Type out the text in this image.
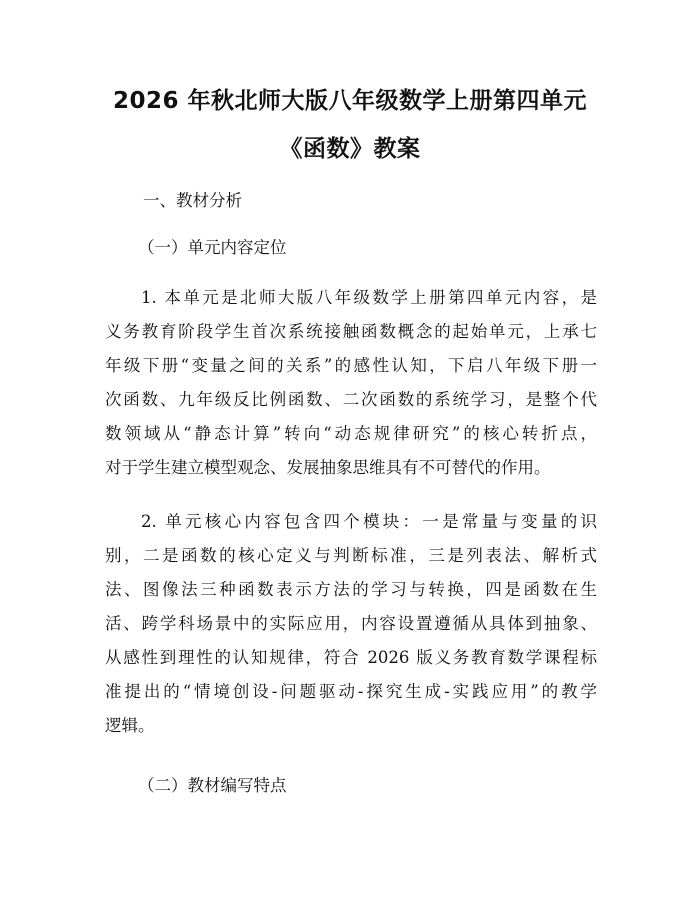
2026 年秋北师大版八年级数学上册第四单元
《函数》教案
一、教材分析
（一）单元内容定位
1. 本单元是北师大版八年级数学上册第四单元内容，是
义务教育阶段学生首次系统接触函数概念的起始单元，上承七
年级下册“变量之间的关系”的感性认知，下启八年级下册一
次函数、九年级反比例函数、二次函数的系统学习，是整个代
数领域从“静态计算”转向“动态规律研究”的核心转折点，
对于学生建立模型观念、发展抽象思维具有不可替代的作用。
2. 单元核心内容包含四个模块：一是常量与变量的识
别，二是函数的核心定义与判断标准，三是列表法、解析式
法、图像法三种函数表示方法的学习与转换，四是函数在生
活、跨学科场景中的实际应用，内容设置遵循从具体到抽象、
从感性到理性的认知规律，符合 2026 版义务教育数学课程标
准提出的“情境创设-问题驱动-探究生成-实践应用”的教学
逻辑。
（二）教材编写特点
